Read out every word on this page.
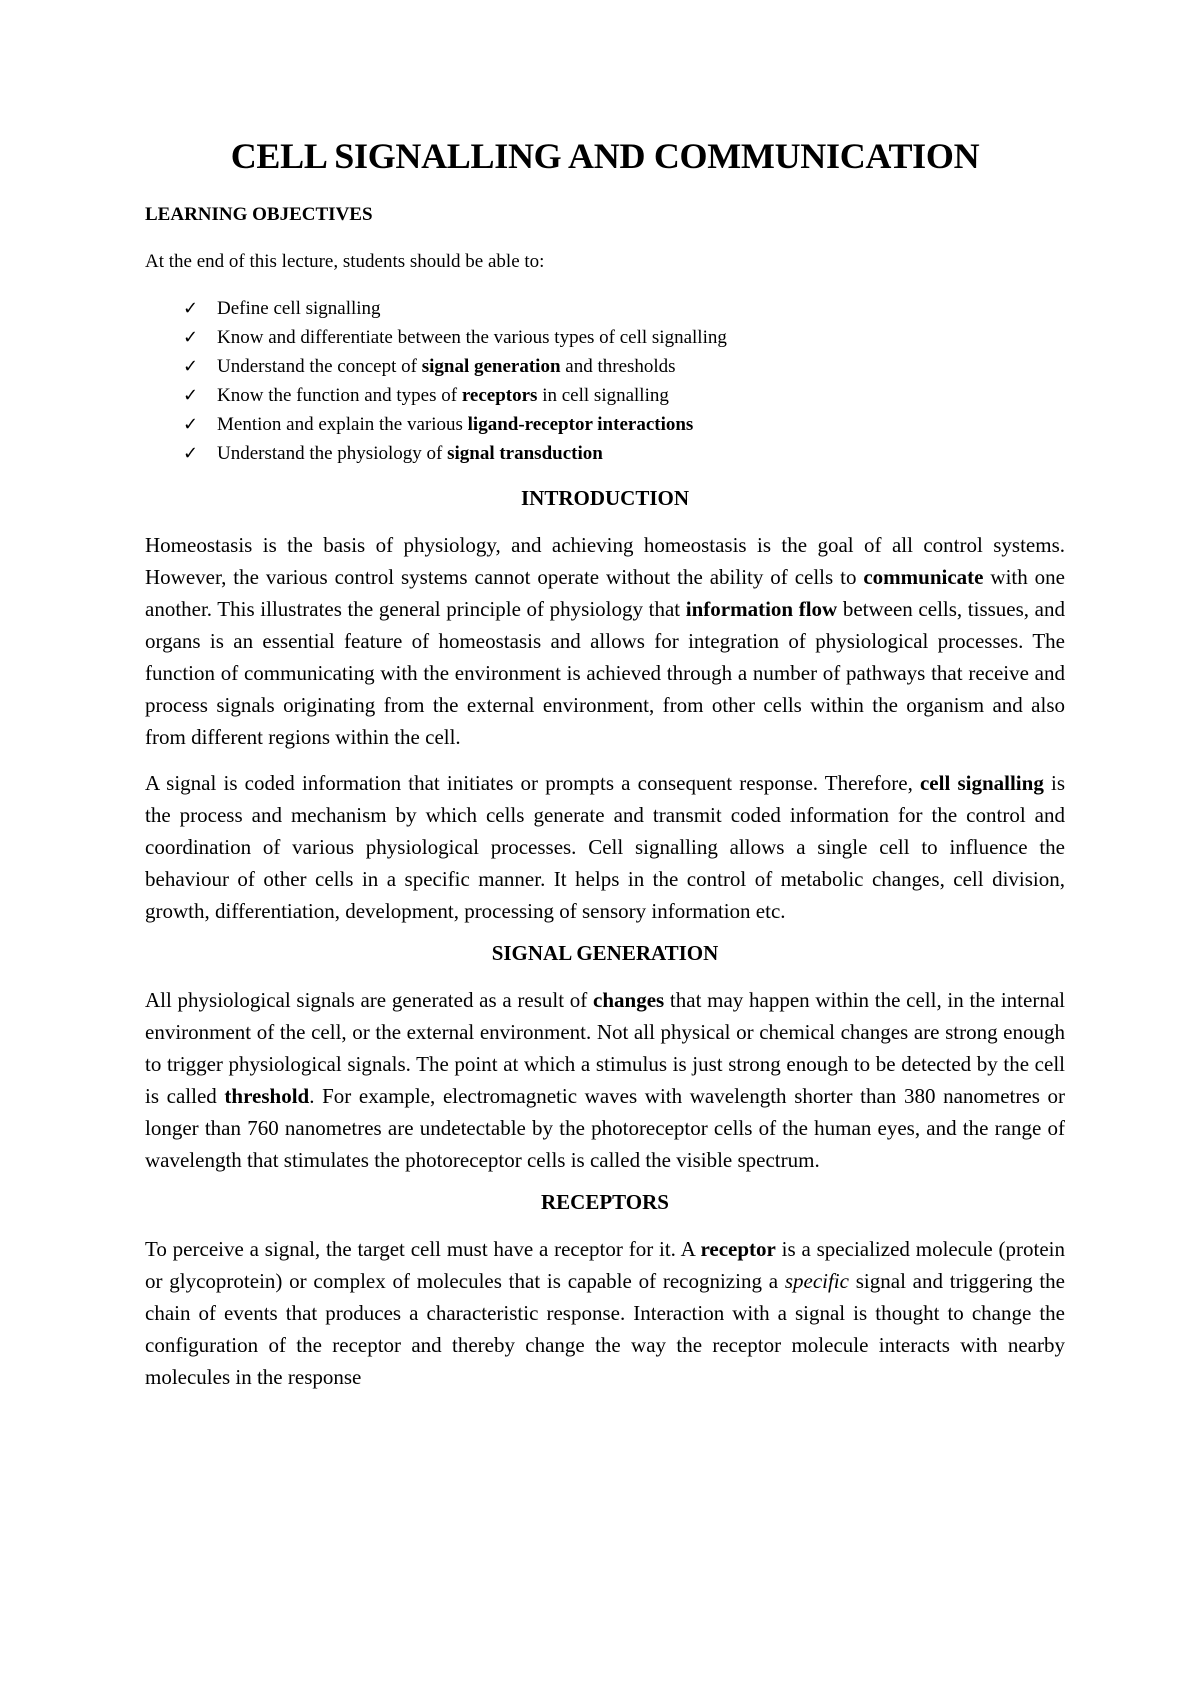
CELL SIGNALLING AND COMMUNICATION
LEARNING OBJECTIVES
At the end of this lecture, students should be able to:
✓ Define cell signalling
✓ Know and differentiate between the various types of cell signalling
✓ Understand the concept of signal generation and thresholds
✓ Know the function and types of receptors in cell signalling
✓ Mention and explain the various ligand-receptor interactions
✓ Understand the physiology of signal transduction
INTRODUCTION

Homeostasis is the basis of physiology, and achieving homeostasis is the goal of all control systems. However, the various control systems cannot operate without the ability of cells to communicate with one another. This illustrates the general principle of physiology that information flow between cells, tissues, and organs is an essential feature of homeostasis and allows for integration of physiological processes. The function of communicating with the environment is achieved through a number of pathways that receive and process signals originating from the external environment, from other cells within the organism and also from different regions within the cell.

A signal is coded information that initiates or prompts a consequent response. Therefore, cell signalling is the process and mechanism by which cells generate and transmit coded information for the control and coordination of various physiological processes. Cell signalling allows a single cell to influence the behaviour of other cells in a specific manner. It helps in the control of metabolic changes, cell division, growth, differentiation, development, processing of sensory information etc.

SIGNAL GENERATION

All physiological signals are generated as a result of changes that may happen within the cell, in the internal environment of the cell, or the external environment. Not all physical or chemical changes are strong enough to trigger physiological signals. The point at which a stimulus is just strong enough to be detected by the cell is called threshold. For example, electromagnetic waves with wavelength shorter than 380 nanometres or longer than 760 nanometres are undetectable by the photoreceptor cells of the human eyes, and the range of wavelength that stimulates the photoreceptor cells is called the visible spectrum.

RECEPTORS

To perceive a signal, the target cell must have a receptor for it. A receptor is a specialized molecule (protein or glycoprotein) or complex of molecules that is capable of recognizing a specific signal and triggering the chain of events that produces a characteristic response. Interaction with a signal is thought to change the configuration of the receptor and thereby change the way the receptor molecule interacts with nearby molecules in the response
